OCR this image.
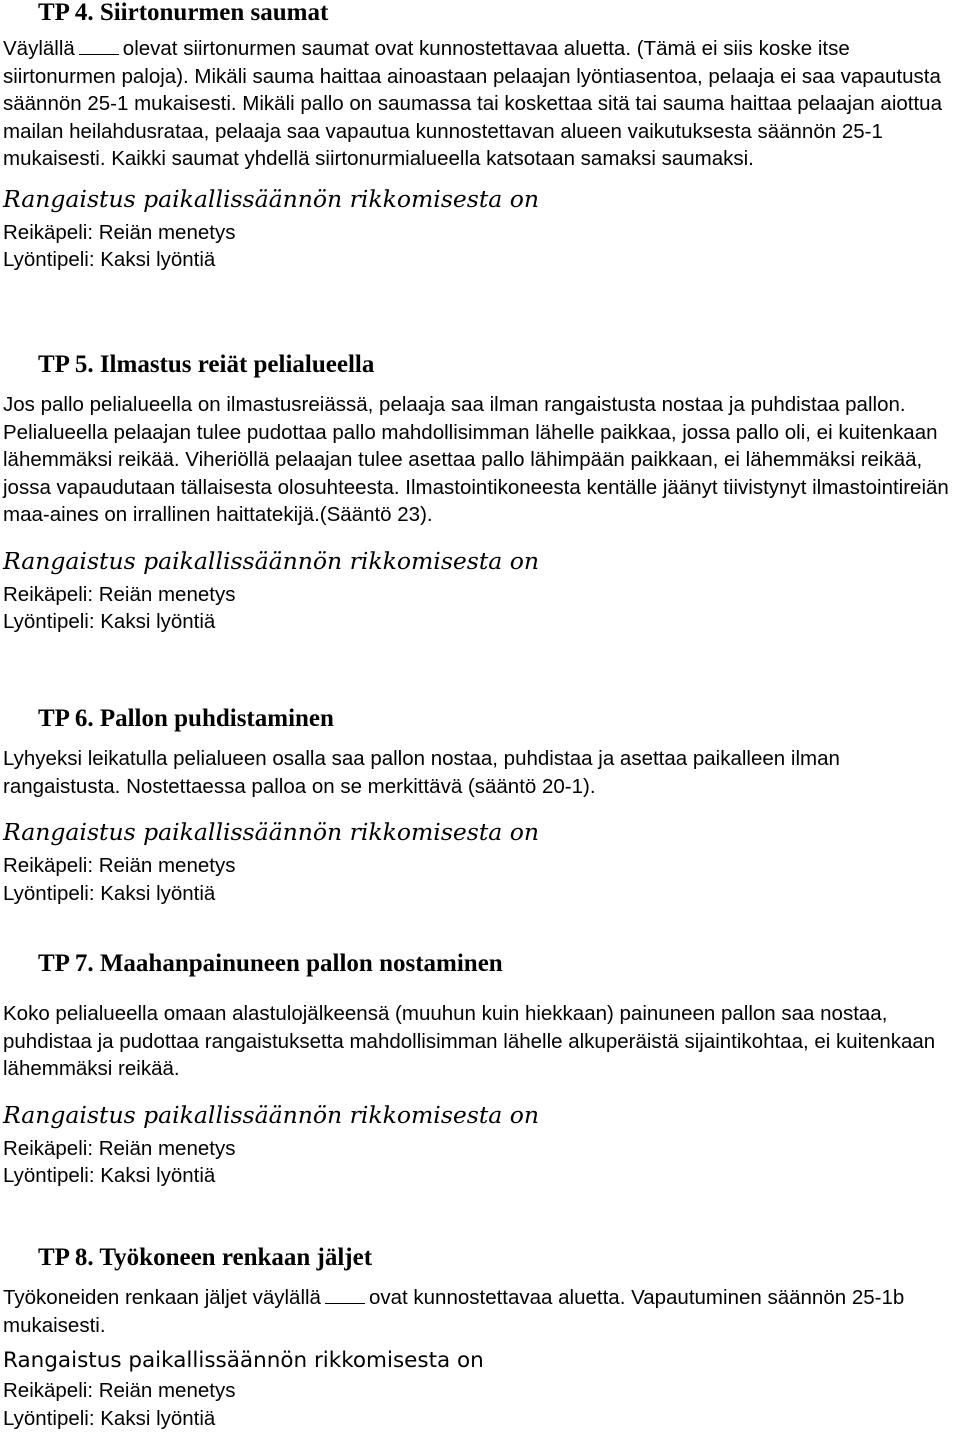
TP 4. Siirtonurmen saumat

Väylällä olevat siirtonurmen saumat ovat kunnostettavaa aluetta. (Tämä ei siis koske itse siirtonurmen paloja). Mikäli sauma haittaa ainoastaan pelaajan lyöntiasentoa, pelaaja ei saa vapautusta säännön 25-1 mukaisesti. Mikäli pallo on saumassa tai koskettaa sitä tai sauma haittaa pelaajan aiottua mailan heilahdusrataa, pelaaja saa vapautua kunnostettavan alueen vaikutuksesta säännön 25-1 mukaisesti. Kaikki saumat yhdellä siirtonurmialueella katsotaan samaksi saumaksi.

Rangaistus paikallissäännön rikkomisesta on

Reikäpeli: Reiän menetys

Lyöntipeli: Kaksi lyöntiä

TP 5. Ilmastus reiät pelialueella

Jos pallo pelialueella on ilmastusreiässä, pelaaja saa ilman rangaistusta nostaa ja puhdistaa pallon. Pelialueella pelaajan tulee pudottaa pallo mahdollisimman lähelle paikkaa, jossa pallo oli, ei kuitenkaan lähemmäksi reikää. Viheriöllä pelaajan tulee asettaa pallo lähimpään paikkaan, ei lähemmäksi reikää, jossa vapaudutaan tällaisesta olosuhteesta. Ilmastointikoneesta kentälle jäänyt tiivistynyt ilmastointireiän maa-aines on irrallinen haittatekijä.(Sääntö 23).

Rangaistus paikallissäännön rikkomisesta on

Reikäpeli: Reiän menetys

Lyöntipeli: Kaksi lyöntiä

TP 6. Pallon puhdistaminen

Lyhyeksi leikatulla pelialueen osalla saa pallon nostaa, puhdistaa ja asettaa paikalleen ilman rangaistusta. Nostettaessa palloa on se merkittävä (sääntö 20-1).

Rangaistus paikallissäännön rikkomisesta on

Reikäpeli: Reiän menetys

Lyöntipeli: Kaksi lyöntiä

TP 7. Maahanpainuneen pallon nostaminen

Koko pelialueella omaan alastulojälkeensä (muuhun kuin hiekkaan) painuneen pallon saa nostaa, puhdistaa ja pudottaa rangaistuksetta mahdollisimman lähelle alkuperäistä sijaintikohtaa, ei kuitenkaan lähemmäksi reikää.

Rangaistus paikallissäännön rikkomisesta on

Reikäpeli: Reiän menetys

Lyöntipeli: Kaksi lyöntiä

TP 8. Työkoneen renkaan jäljet

Työkoneiden renkaan jäljet väylällä ovat kunnostettavaa aluetta. Vapautuminen säännön 25-1b mukaisesti.

Rangaistus paikallissäännön rikkomisesta on

Reikäpeli: Reiän menetys

Lyöntipeli: Kaksi lyöntiä
